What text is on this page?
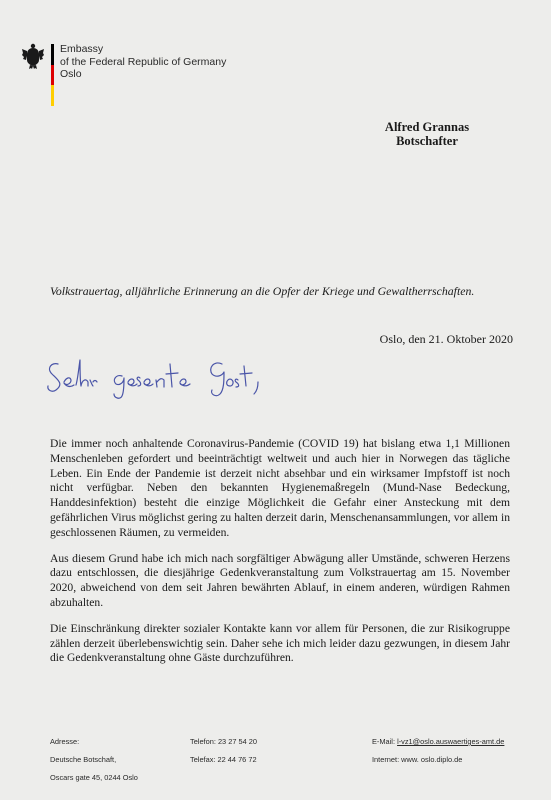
Embassy
of the Federal Republic of Germany
Oslo
Alfred Grannas
Botschafter
Volkstrauertag, alljährliche Erinnerung an die Opfer der Kriege und Gewaltherrschaften.
Oslo, den 21. Oktober 2020

Die immer noch anhaltende Coronavirus-Pandemie (COVID 19) hat bislang etwa 1,1 Millionen Menschenleben gefordert und beeinträchtigt weltweit und auch hier in Norwegen das tägliche Leben. Ein Ende der Pandemie ist derzeit nicht absehbar und ein wirksamer Impfstoff ist noch nicht verfügbar. Neben den bekannten Hygienemaßregeln (Mund-Nase Bedeckung, Handdesinfektion) besteht die einzige Möglichkeit die Gefahr einer Ansteckung mit dem gefährlichen Virus möglichst gering zu halten derzeit darin, Menschenansammlungen, vor allem in geschlossenen Räumen, zu vermeiden.

Aus diesem Grund habe ich mich nach sorgfältiger Abwägung aller Umstände, schweren Herzens dazu entschlossen, die diesjährige Gedenkveranstaltung zum Volkstrauertag am 15. November 2020, abweichend von dem seit Jahren bewährten Ablauf, in einem anderen, würdigen Rahmen abzuhalten.

Die Einschränkung direkter sozialer Kontakte kann vor allem für Personen, die zur Risikogruppe zählen derzeit überlebenswichtig sein. Daher sehe ich mich leider dazu gezwungen, in diesem Jahr die Gedenkveranstaltung ohne Gäste durchzuführen.

Adresse:
Deutsche Botschaft,
Oscars gate 45, 0244 Oslo
Telefon: 23 27 54 20
Telefax: 22 44 76 72
E-Mail: l-vz1@oslo.auswaertiges-amt.de
Internet: www. oslo.diplo.de
